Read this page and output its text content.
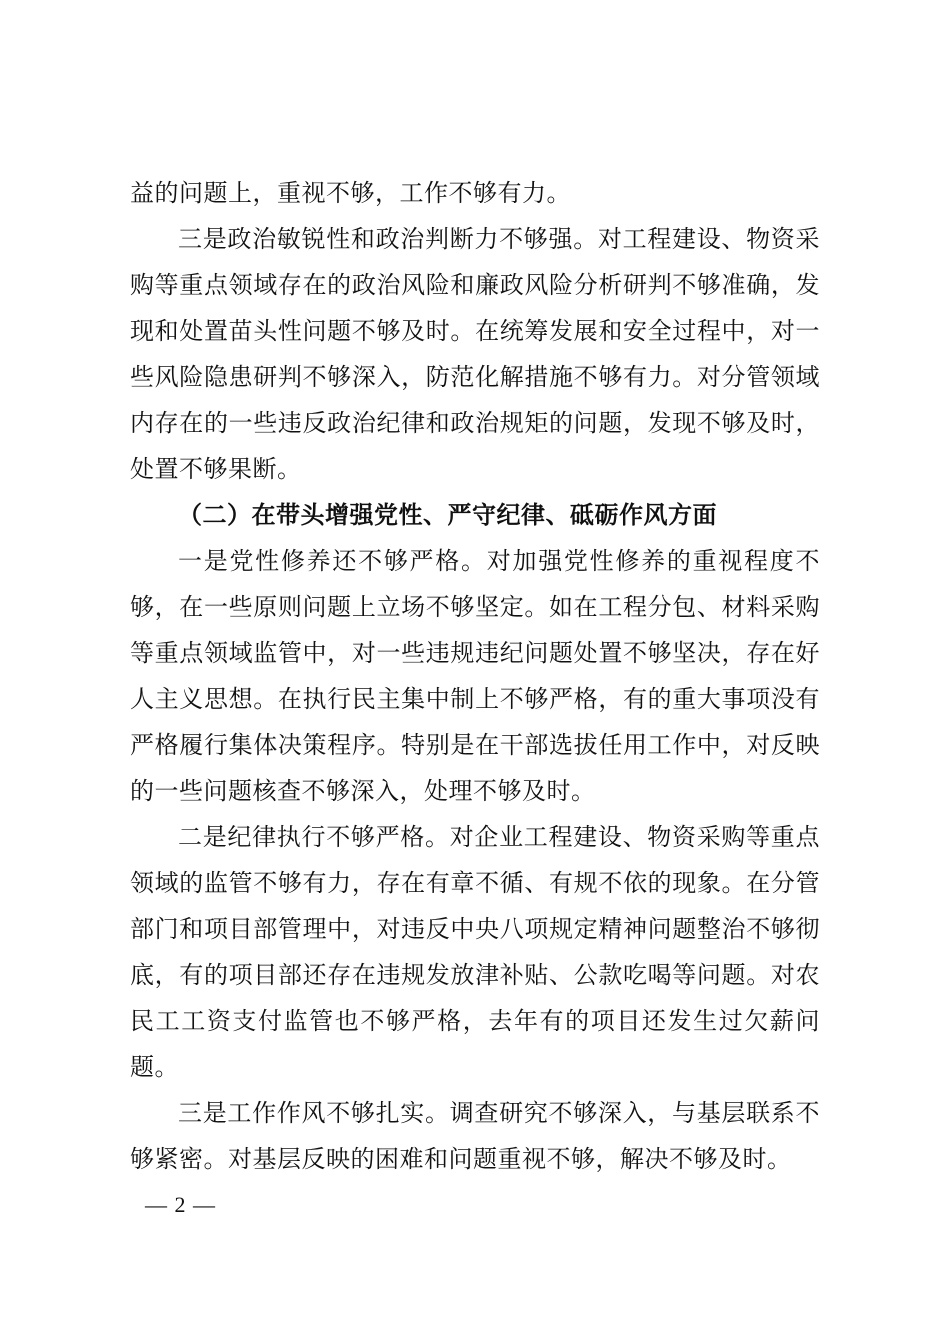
益的问题上，重视不够，工作不够有力。

三是政治敏锐性和政治判断力不够强。对工程建设、物资采购等重点领域存在的政治风险和廉政风险分析研判不够准确，发现和处置苗头性问题不够及时。在统筹发展和安全过程中，对一些风险隐患研判不够深入，防范化解措施不够有力。对分管领域内存在的一些违反政治纪律和政治规矩的问题，发现不够及时，处置不够果断。

（二）在带头增强党性、严守纪律、砥砺作风方面

一是党性修养还不够严格。对加强党性修养的重视程度不够，在一些原则问题上立场不够坚定。如在工程分包、材料采购等重点领域监管中，对一些违规违纪问题处置不够坚决，存在好人主义思想。在执行民主集中制上不够严格，有的重大事项没有严格履行集体决策程序。特别是在干部选拔任用工作中，对反映的一些问题核查不够深入，处理不够及时。

二是纪律执行不够严格。对企业工程建设、物资采购等重点领域的监管不够有力，存在有章不循、有规不依的现象。在分管部门和项目部管理中，对违反中央八项规定精神问题整治不够彻底，有的项目部还存在违规发放津补贴、公款吃喝等问题。对农民工工资支付监管也不够严格，去年有的项目还发生过欠薪问题。

三是工作作风不够扎实。调查研究不够深入，与基层联系不够紧密。对基层反映的困难和问题重视不够，解决不够及时。

— 2 —
